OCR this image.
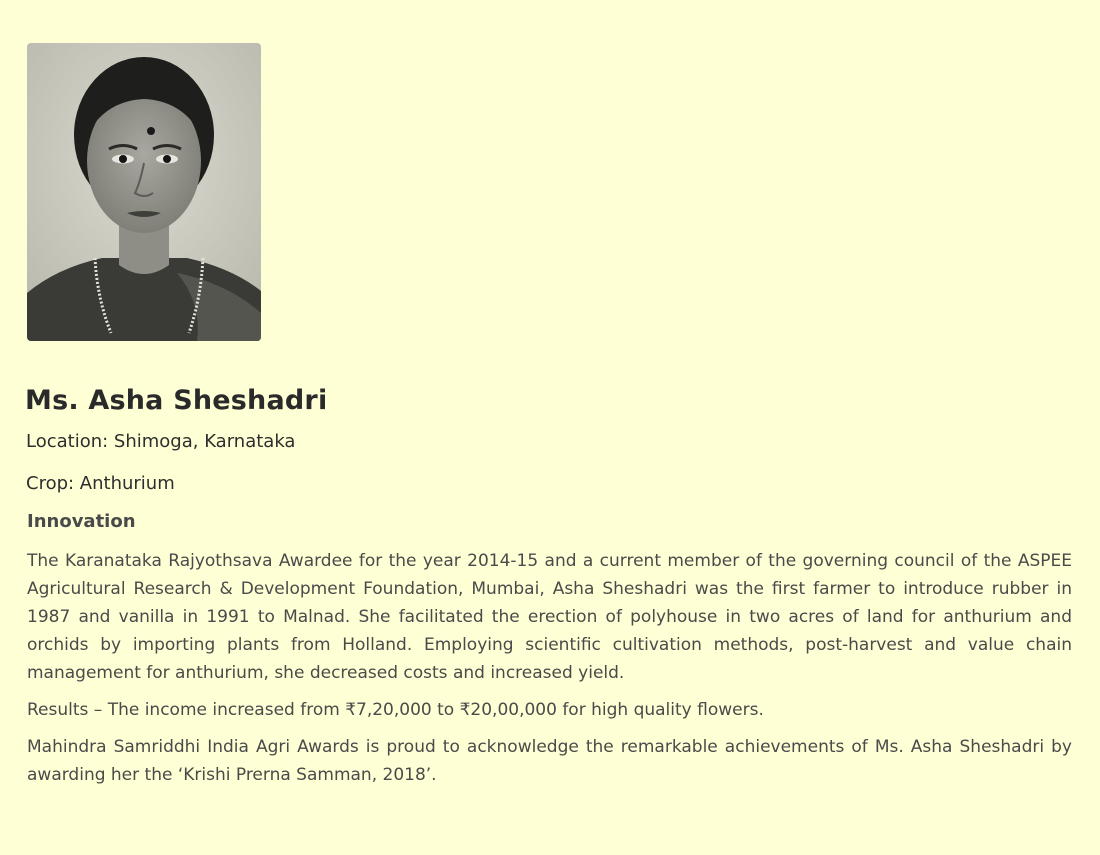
Ms. Asha Sheshadri

Location: Shimoga, Karnataka

Crop: Anthurium

Innovation

The Karanataka Rajyothsava Awardee for the year 2014-15 and a current member of the governing council of the ASPEE Agricultural Research & Development Foundation, Mumbai, Asha Sheshadri was the first farmer to introduce rubber in 1987 and vanilla in 1991 to Malnad. She facilitated the erection of polyhouse in two acres of land for anthurium and orchids by importing plants from Holland. Employing scientific cultivation methods, post-harvest and value chain management for anthurium, she decreased costs and increased yield.

Results – The income increased from ₹7,20,000 to ₹20,00,000 for high quality flowers.

Mahindra Samriddhi India Agri Awards is proud to acknowledge the remarkable achievements of Ms. Asha Sheshadri by awarding her the ‘Krishi Prerna Samman, 2018’.
